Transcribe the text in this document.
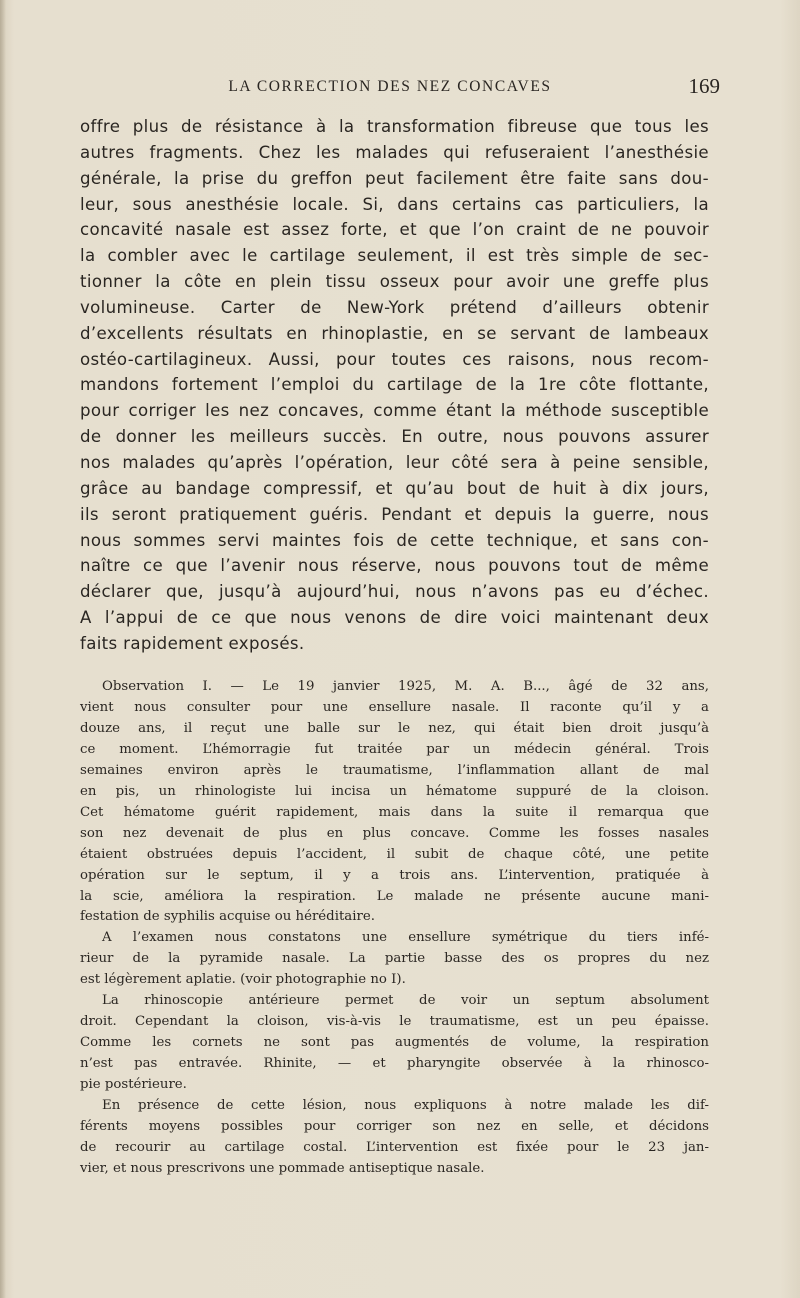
LA CORRECTION DES NEZ CONCAVES	169
offre plus de résistance à la transformation fibreuse que tous les
autres fragments. Chez les malades qui refuseraient l’anesthésie
générale, la prise du greffon peut facilement être faite sans dou-
leur, sous anesthésie locale. Si, dans certains cas particuliers, la
concavité nasale est assez forte, et que l’on craint de ne pouvoir
la combler avec le cartilage seulement, il est très simple de sec-
tionner la côte en plein tissu osseux pour avoir une greffe plus
volumineuse. Carter de New-York prétend d’ailleurs obtenir
d’excellents résultats en rhinoplastie, en se servant de lambeaux
ostéo-cartilagineux. Aussi, pour toutes ces raisons, nous recom-
mandons fortement l’emploi du cartilage de la 1re côte flottante,
pour corriger les nez concaves, comme étant la méthode susceptible
de donner les meilleurs succès. En outre, nous pouvons assurer
nos malades qu’après l’opération, leur côté sera à peine sensible,
grâce au bandage compressif, et qu’au bout de huit à dix jours,
ils seront pratiquement guéris. Pendant et depuis la guerre, nous
nous sommes servi maintes fois de cette technique, et sans con-
naître ce que l’avenir nous réserve, nous pouvons tout de même
déclarer que, jusqu’à aujourd’hui, nous n’avons pas eu d’échec.
A l’appui de ce que nous venons de dire voici maintenant deux
faits rapidement exposés.
Observation I. — Le 19 janvier 1925, M. A. B..., âgé de 32 ans,
vient nous consulter pour une ensellure nasale. Il raconte qu’il y a
douze ans, il reçut une balle sur le nez, qui était bien droit jusqu’à
ce moment. L’hémorragie fut traitée par un médecin général. Trois
semaines environ après le traumatisme, l’inflammation allant de mal
en pis, un rhinologiste lui incisa un hématome suppuré de la cloison.
Cet hématome guérit rapidement, mais dans la suite il remarqua que
son nez devenait de plus en plus concave. Comme les fosses nasales
étaient obstruées depuis l’accident, il subit de chaque côté, une petite
opération sur le septum, il y a trois ans. L’intervention, pratiquée à
la scie, améliora la respiration. Le malade ne présente aucune mani-
festation de syphilis acquise ou héréditaire.
A l’examen nous constatons une ensellure symétrique du tiers infé-
rieur de la pyramide nasale. La partie basse des os propres du nez
est légèrement aplatie. (voir photographie no I).
La rhinoscopie antérieure permet de voir un septum absolument
droit. Cependant la cloison, vis-à-vis le traumatisme, est un peu épaisse.
Comme les cornets ne sont pas augmentés de volume, la respiration
n’est pas entravée. Rhinite, — et pharyngite observée à la rhinosco-
pie postérieure.
En présence de cette lésion, nous expliquons à notre malade les dif-
férents moyens possibles pour corriger son nez en selle, et décidons
de recourir au cartilage costal. L’intervention est fixée pour le 23 jan-
vier, et nous prescrivons une pommade antiseptique nasale.
